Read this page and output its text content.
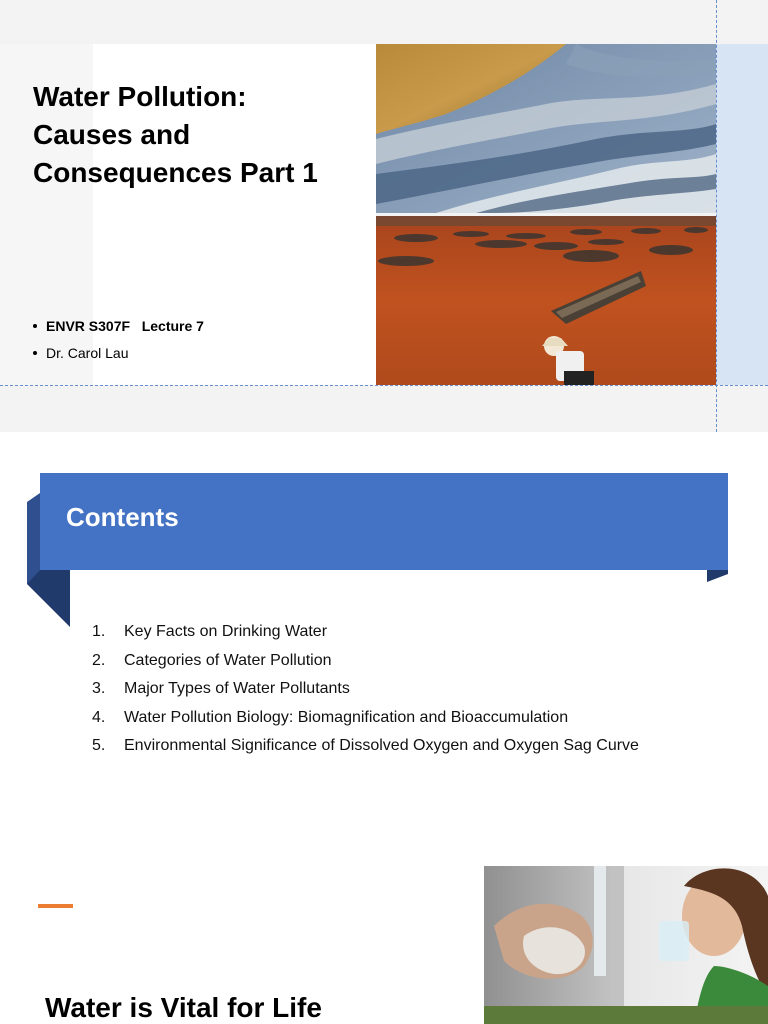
Water Pollution:
Causes and
Consequences Part 1
ENVR S307F   Lecture 7
Dr. Carol Lau
Contents
1.	Key Facts on Drinking Water
2.	Categories of Water Pollution
3.	Major Types of Water Pollutants
4.	Water Pollution Biology: Biomagnification and Bioaccumulation
5.	Environmental Significance of Dissolved Oxygen and Oxygen Sag Curve
Water is Vital for Life
